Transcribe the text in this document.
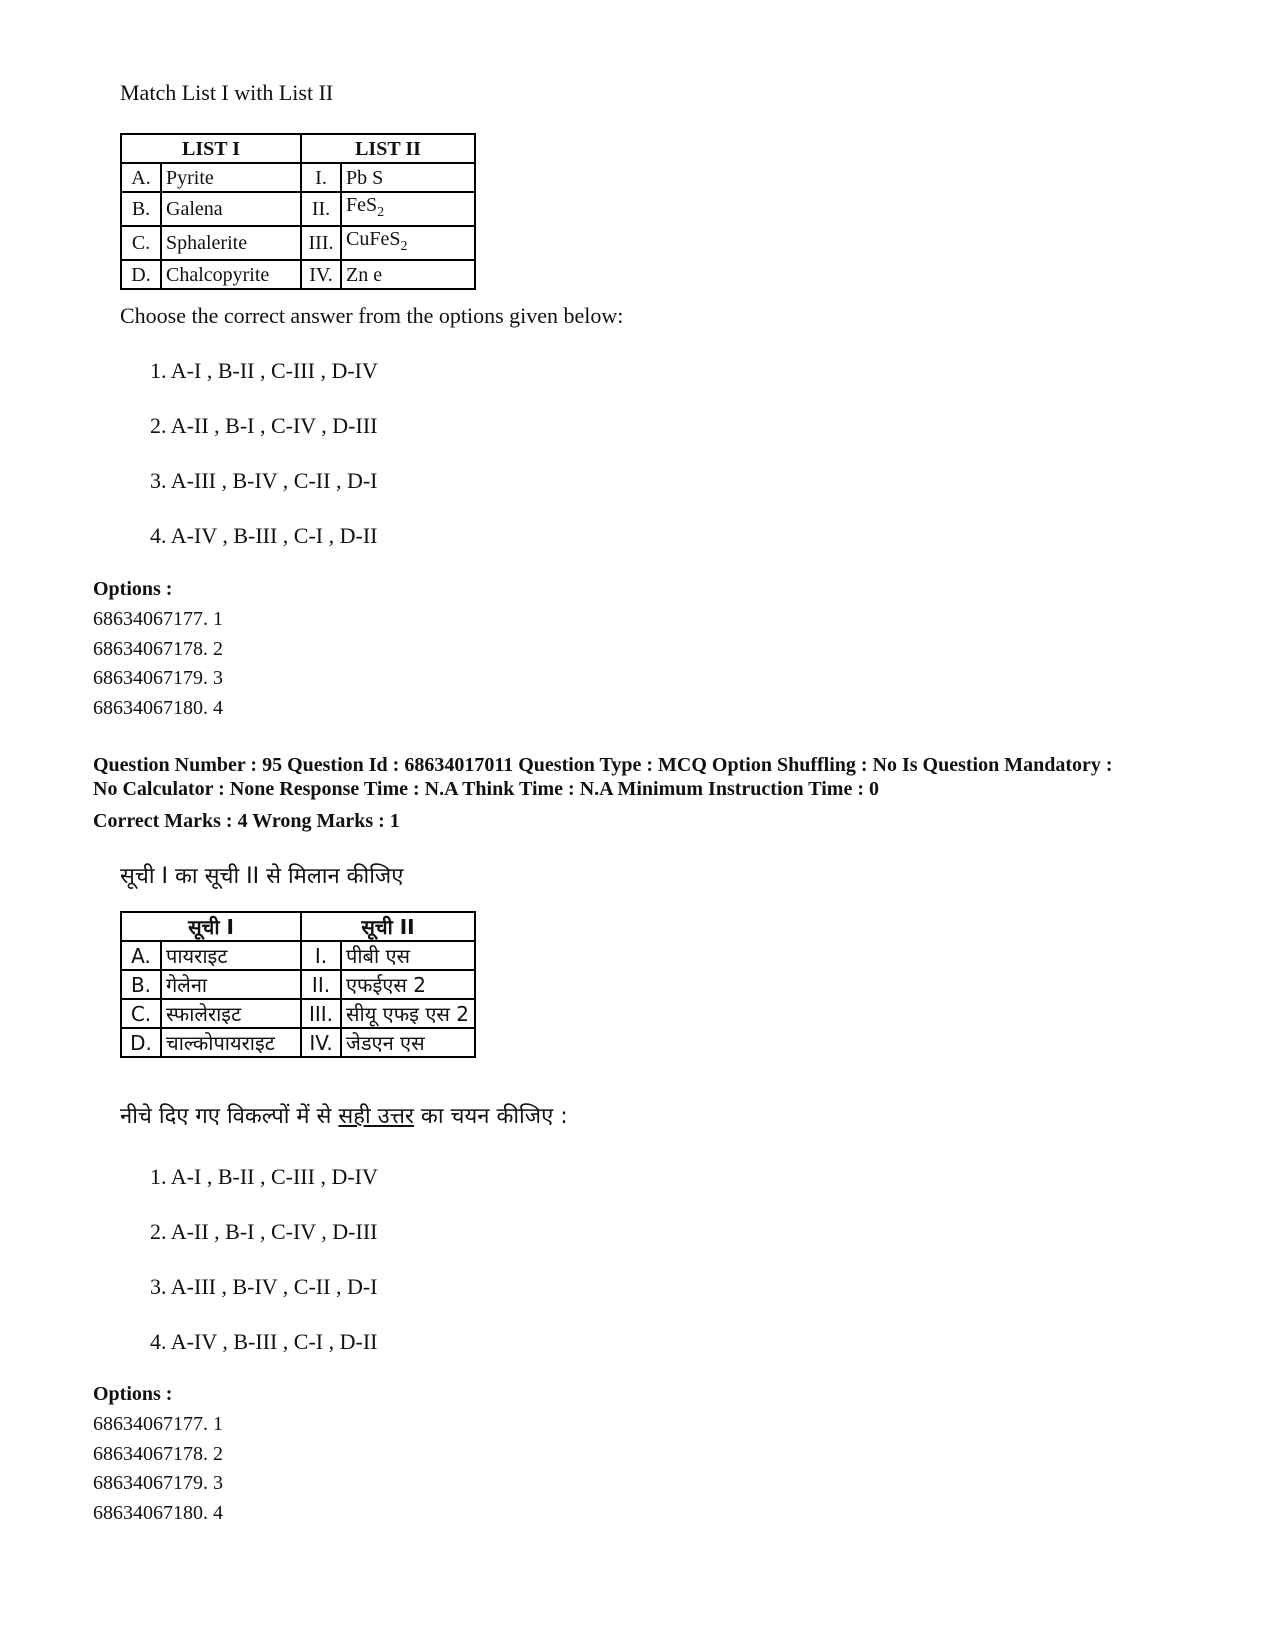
Match List I with List II
LIST I		LIST II	
A.	Pyrite	I.	Pb S
B.	Galena	II.	FeS$_2$
C.	Sphalerite	III.	CuFeS$_2$
D.	Chalcopyrite	IV.	Zn e
Choose the correct answer from the options given below:
1. A-I , B-II , C-III , D-IV
2. A-II , B-I , C-IV , D-III
3. A-III , B-IV , C-II , D-I
4. A-IV , B-III , C-I , D-II
Options :
68634067177. 1
68634067178. 2
68634067179. 3
68634067180. 4
Question Number : 95 Question Id : 68634017011 Question Type : MCQ Option Shuffling : No Is Question Mandatory :
No Calculator : None Response Time : N.A Think Time : N.A Minimum Instruction Time : 0
Correct Marks : 4 Wrong Marks : 1
सूची I का सूची II से मिलान कीजिए
सूची I		सूची II	
A.	पायराइट	I.	पीबी एस
B.	गेलेना	II.	एफईएस 2
C.	स्फालेराइट	III.	सीयू एफइ एस 2
D.	चाल्कोपायराइट	IV.	जेडएन एस
नीचे दिए गए विकल्पों में से सही उत्तर का चयन कीजिए :
1. A-I , B-II , C-III , D-IV
2. A-II , B-I , C-IV , D-III
3. A-III , B-IV , C-II , D-I
4. A-IV , B-III , C-I , D-II
Options :
68634067177. 1
68634067178. 2
68634067179. 3
68634067180. 4
